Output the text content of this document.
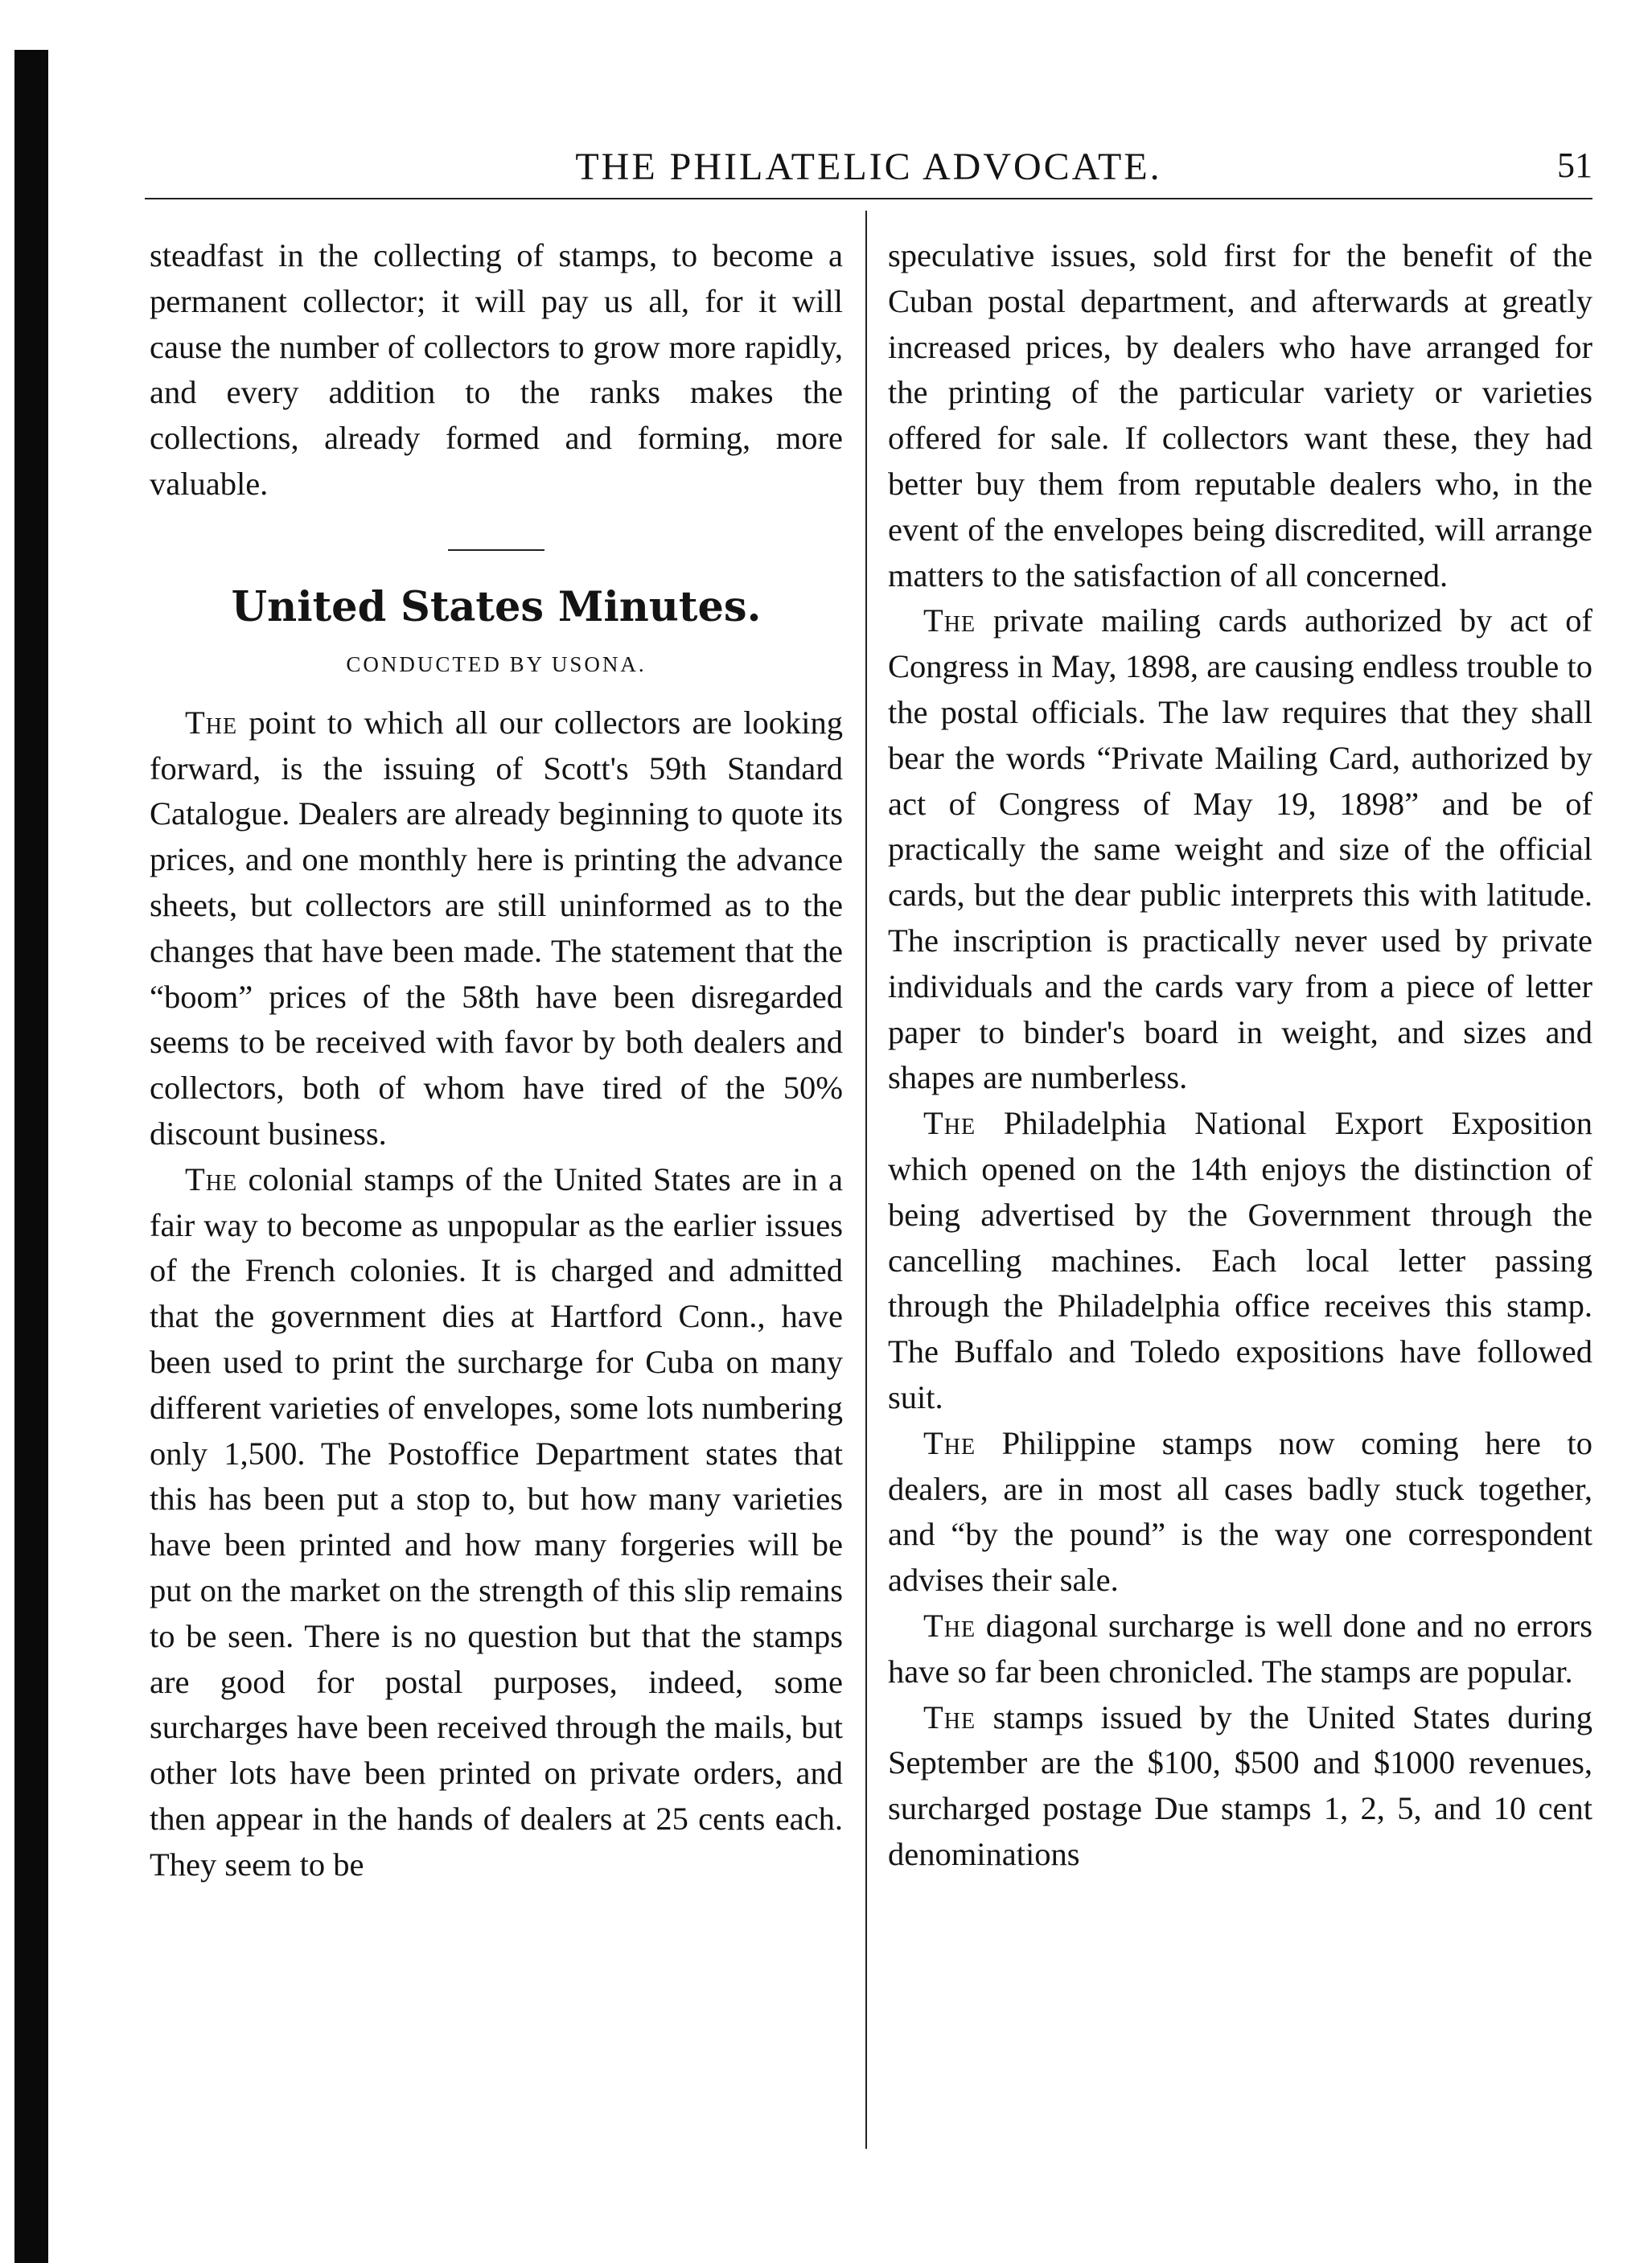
THE PHILATELIC ADVOCATE.	51

steadfast in the collecting of stamps, to become a permanent collector; it will pay us all, for it will cause the number of collectors to grow more rapidly, and every addition to the ranks makes the collections, already formed and forming, more valuable.

United States Minutes.
CONDUCTED BY USONA.

The point to which all our collectors are looking forward, is the issuing of Scott's 59th Standard Catalogue. Dealers are already beginning to quote its prices, and one monthly here is printing the advance sheets, but collectors are still uninformed as to the changes that have been made. The statement that the “boom” prices of the 58th have been disregarded seems to be received with favor by both dealers and collectors, both of whom have tired of the 50% discount business.

The colonial stamps of the United States are in a fair way to become as unpopular as the earlier issues of the French colonies. It is charged and admitted that the government dies at Hartford Conn., have been used to print the surcharge for Cuba on many different varieties of envelopes, some lots numbering only 1,500. The Postoffice Department states that this has been put a stop to, but how many varieties have been printed and how many forgeries will be put on the market on the strength of this slip remains to be seen. There is no question but that the stamps are good for postal purposes, indeed, some surcharges have been received through the mails, but other lots have been printed on private orders, and then appear in the hands of dealers at 25 cents each. They seem to be

speculative issues, sold first for the benefit of the Cuban postal department, and afterwards at greatly increased prices, by dealers who have arranged for the printing of the particular variety or varieties offered for sale. If collectors want these, they had better buy them from reputable dealers who, in the event of the envelopes being discredited, will arrange matters to the satisfaction of all concerned.

The private mailing cards authorized by act of Congress in May, 1898, are causing endless trouble to the postal officials. The law requires that they shall bear the words “Private Mailing Card, authorized by act of Congress of May 19, 1898” and be of practically the same weight and size of the official cards, but the dear public interprets this with latitude. The inscription is practically never used by private individuals and the cards vary from a piece of letter paper to binder's board in weight, and sizes and shapes are numberless.

The Philadelphia National Export Exposition which opened on the 14th enjoys the distinction of being advertised by the Government through the cancelling machines. Each local letter passing through the Philadelphia office receives this stamp. The Buffalo and Toledo expositions have followed suit.

The Philippine stamps now coming here to dealers, are in most all cases badly stuck together, and “by the pound” is the way one correspondent advises their sale.

The diagonal surcharge is well done and no errors have so far been chronicled. The stamps are popular.

The stamps issued by the United States during September are the $100, $500 and $1000 revenues, surcharged postage Due stamps 1, 2, 5, and 10 cent denominations
